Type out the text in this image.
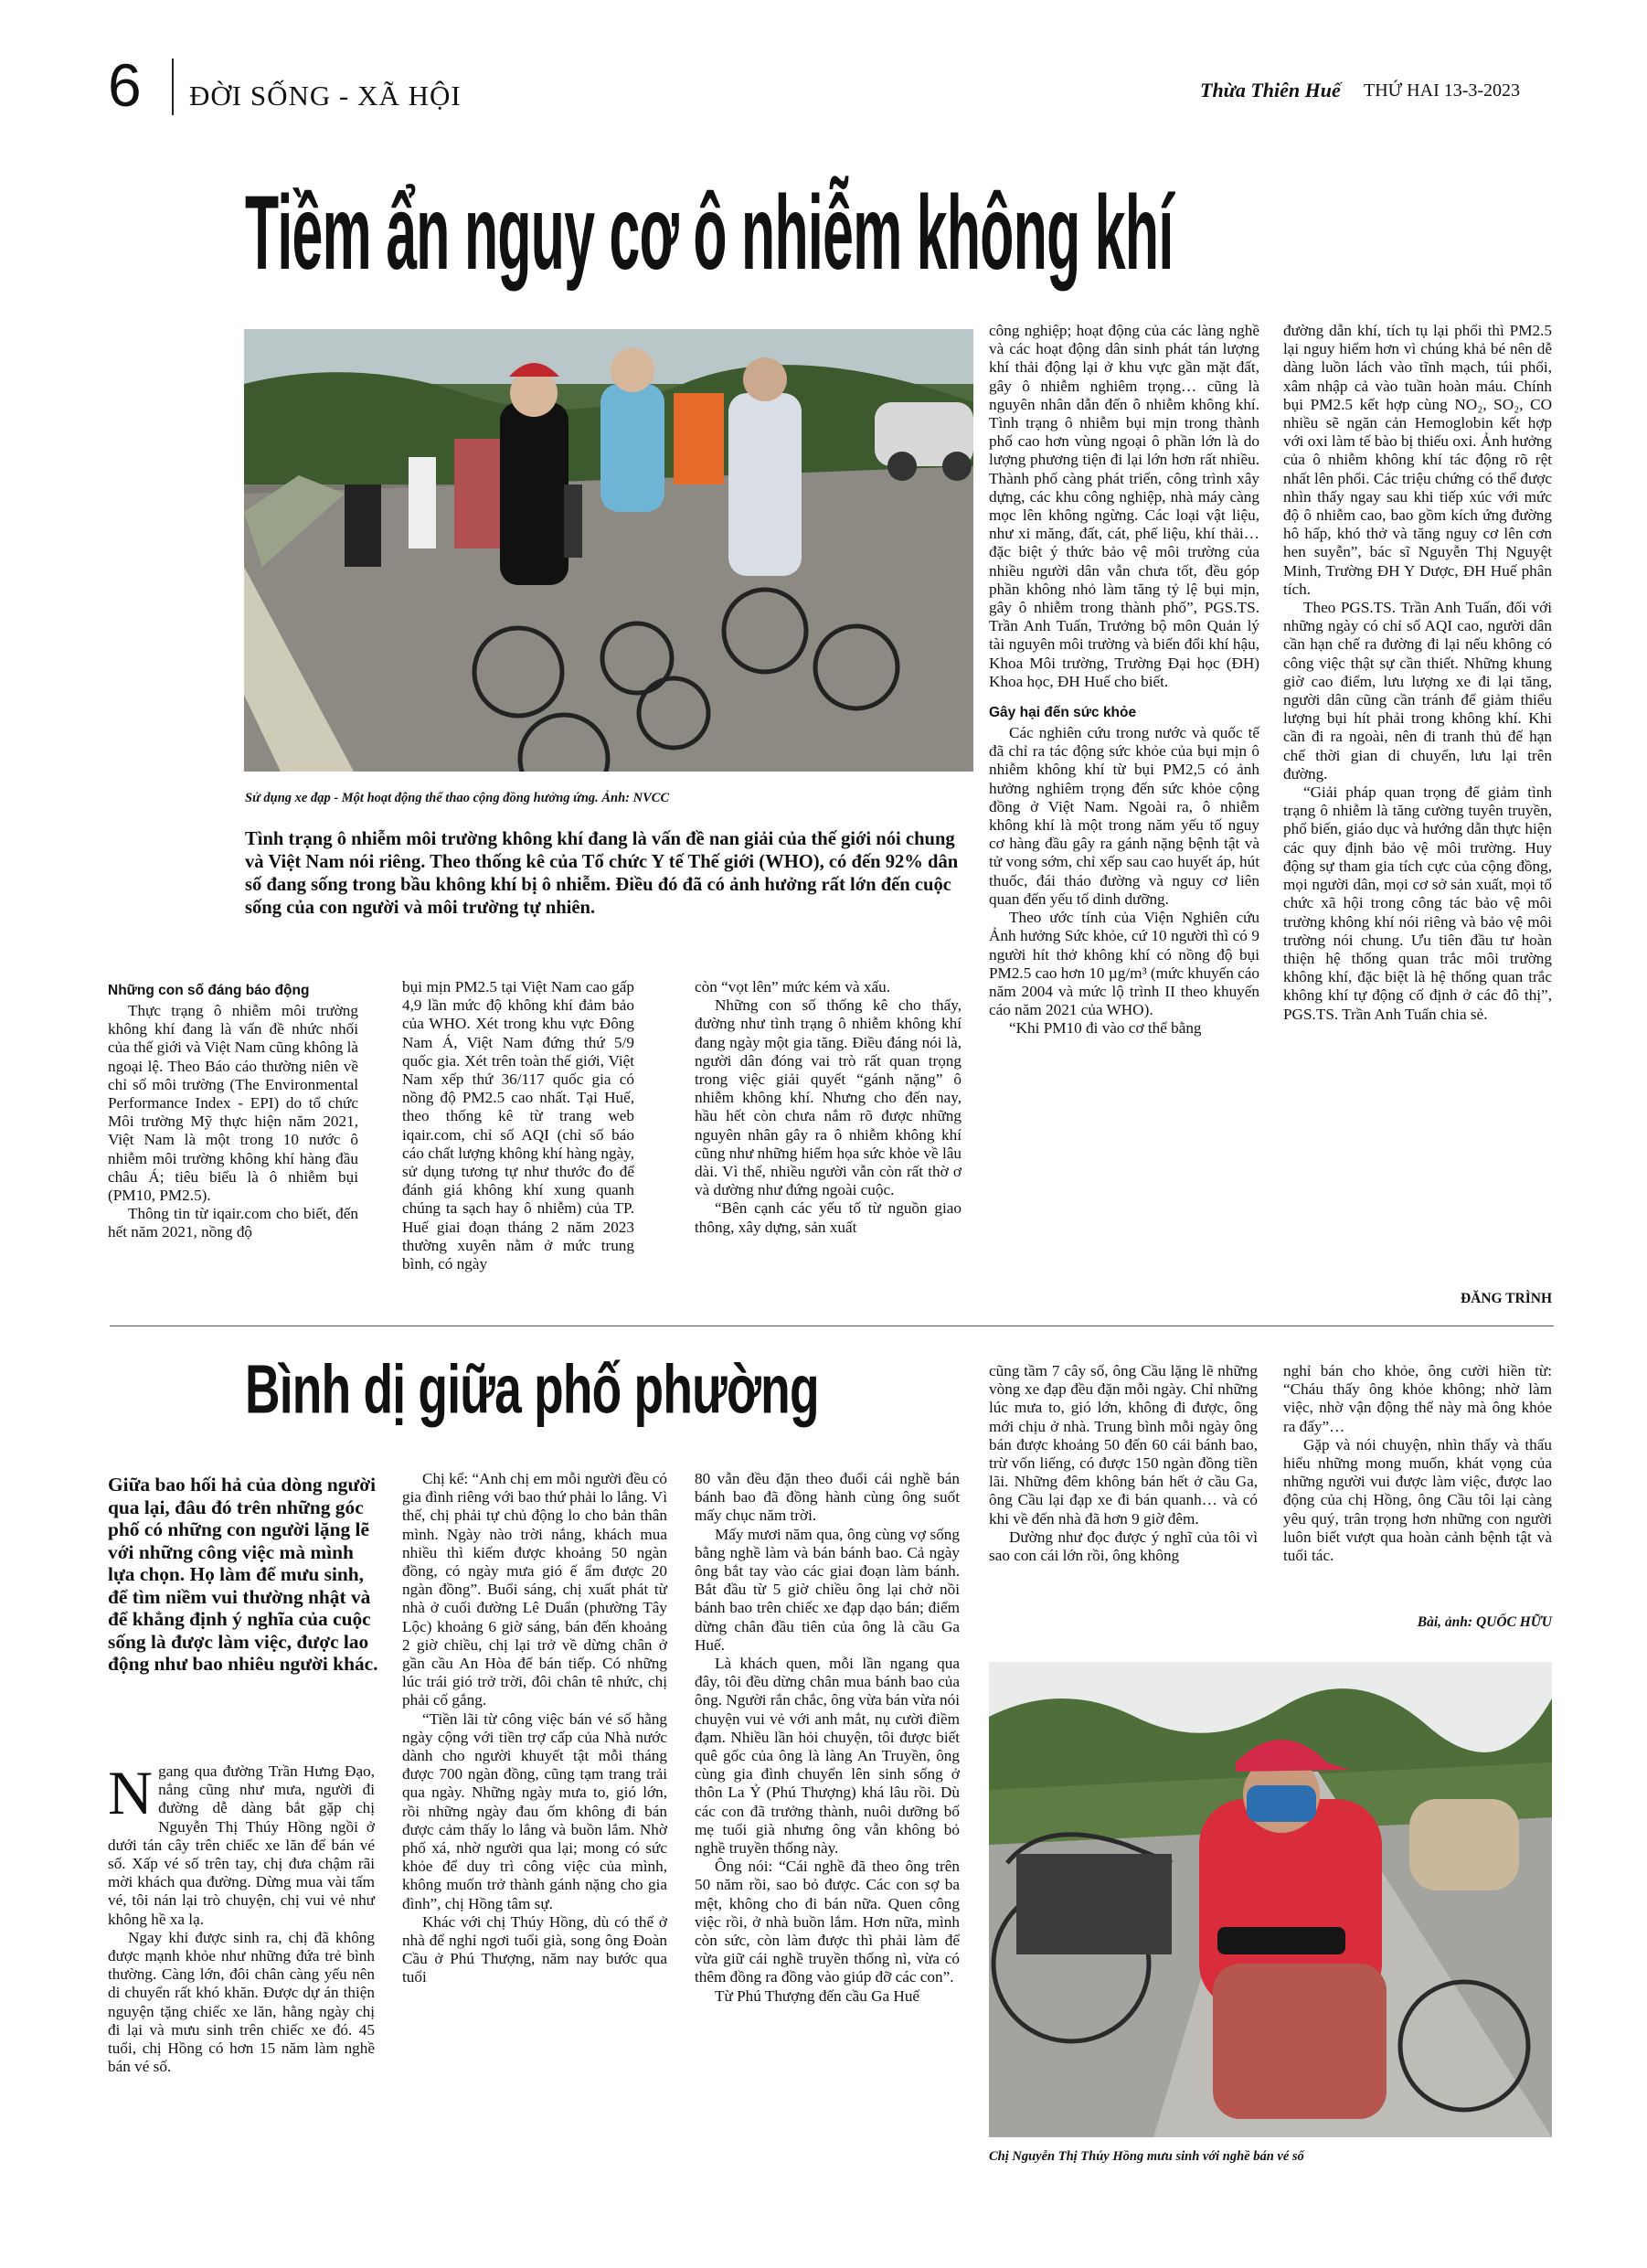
6 ĐỜI SỐNG - XÃ HỘI	Thừa Thiên Huế THỨ HAI 13-3-2023
Tiềm ẩn nguy cơ ô nhiễm không khí
Sử dụng xe đạp - Một hoạt động thể thao cộng đồng hưởng ứng. Ảnh: NVCC
Tình trạng ô nhiễm môi trường không khí đang là vấn đề nan giải của thế giới nói chung và Việt Nam nói riêng. Theo thống kê của Tổ chức Y tế Thế giới (WHO), có đến 92% dân số đang sống trong bầu không khí bị ô nhiễm. Điều đó đã có ảnh hưởng rất lớn đến cuộc sống của con người và môi trường tự nhiên.
Những con số đáng báo động

Thực trạng ô nhiễm môi trường không khí đang là vấn đề nhức nhối của thế giới và Việt Nam cũng không là ngoại lệ. Theo Báo cáo thường niên về chỉ số môi trường (The Environmental Performance Index - EPI) do tổ chức Môi trường Mỹ thực hiện năm 2021, Việt Nam là một trong 10 nước ô nhiễm môi trường không khí hàng đầu châu Á; tiêu biểu là ô nhiễm bụi (PM10, PM2.5).

Thông tin từ iqair.com cho biết, đến hết năm 2021, nồng độ

bụi mịn PM2.5 tại Việt Nam cao gấp 4,9 lần mức độ không khí đảm bảo của WHO. Xét trong khu vực Đông Nam Á, Việt Nam đứng thứ 5/9 quốc gia. Xét trên toàn thế giới, Việt Nam xếp thứ 36/117 quốc gia có nồng độ PM2.5 cao nhất. Tại Huế, theo thống kê từ trang web iqair.com, chỉ số AQI (chỉ số báo cáo chất lượng không khí hàng ngày, sử dụng tương tự như thước đo để đánh giá không khí xung quanh chúng ta sạch hay ô nhiễm) của TP. Huế giai đoạn tháng 2 năm 2023 thường xuyên nằm ở mức trung bình, có ngày

còn “vọt lên” mức kém và xấu.

Những con số thống kê cho thấy, đường như tình trạng ô nhiễm không khí đang ngày một gia tăng. Điều đáng nói là, người dân đóng vai trò rất quan trọng trong việc giải quyết “gánh nặng” ô nhiễm không khí. Nhưng cho đến nay, hầu hết còn chưa nắm rõ được những nguyên nhân gây ra ô nhiễm không khí cũng như những hiểm họa sức khỏe về lâu dài. Vì thế, nhiều người vẫn còn rất thờ ơ và dường như đứng ngoài cuộc.

“Bên cạnh các yếu tố từ nguồn giao thông, xây dựng, sản xuất

công nghiệp; hoạt động của các làng nghề và các hoạt động dân sinh phát tán lượng khí thải động lại ở khu vực gần mặt đất, gây ô nhiễm nghiêm trọng… cũng là nguyên nhân dẫn đến ô nhiễm không khí. Tình trạng ô nhiễm bụi mịn trong thành phố cao hơn vùng ngoại ô phần lớn là do lượng phương tiện đi lại lớn hơn rất nhiều. Thành phố càng phát triển, công trình xây dựng, các khu công nghiệp, nhà máy càng mọc lên không ngừng. Các loại vật liệu, như xi măng, đất, cát, phế liệu, khí thải… đặc biệt ý thức bảo vệ môi trường của nhiều người dân vẫn chưa tốt, đều góp phần không nhỏ làm tăng tỷ lệ bụi mịn, gây ô nhiễm trong thành phố”, PGS.TS. Trần Anh Tuấn, Trưởng bộ môn Quản lý tài nguyên môi trường và biến đổi khí hậu, Khoa Môi trường, Trường Đại học (ĐH) Khoa học, ĐH Huế cho biết.

Gây hại đến sức khỏe

Các nghiên cứu trong nước và quốc tế đã chỉ ra tác động sức khỏe của bụi mịn ô nhiễm không khí từ bụi PM2,5 có ảnh hưởng nghiêm trọng đến sức khỏe cộng đồng ở Việt Nam. Ngoài ra, ô nhiễm không khí là một trong năm yếu tố nguy cơ hàng đầu gây ra gánh nặng bệnh tật và tử vong sớm, chỉ xếp sau cao huyết áp, hút thuốc, đái tháo đường và nguy cơ liên quan đến yếu tố dinh dưỡng.

Theo ước tính của Viện Nghiên cứu Ảnh hưởng Sức khỏe, cứ 10 người thì có 9 người hít thở không khí có nồng độ bụi PM2.5 cao hơn 10 µg/m³ (mức khuyến cáo năm 2004 và mức lộ trình II theo khuyến cáo năm 2021 của WHO).

“Khi PM10 đi vào cơ thể bằng

đường dẫn khí, tích tụ lại phổi thì PM2.5 lại nguy hiểm hơn vì chúng khả bé nên dễ dàng luồn lách vào tĩnh mạch, túi phổi, xâm nhập cả vào tuần hoàn máu. Chính bụi PM2.5 kết hợp cùng NO₂, SO₂, CO nhiều sẽ ngăn cản Hemoglobin kết hợp với oxi làm tế bào bị thiếu oxi. Ảnh hưởng của ô nhiễm không khí tác động rõ rệt nhất lên phổi. Các triệu chứng có thể được nhìn thấy ngay sau khi tiếp xúc với mức độ ô nhiễm cao, bao gồm kích ứng đường hô hấp, khó thở và tăng nguy cơ lên cơn hen suyễn”, bác sĩ Nguyễn Thị Nguyệt Minh, Trường ĐH Y Dược, ĐH Huế phân tích.

Theo PGS.TS. Trần Anh Tuấn, đối với những ngày có chỉ số AQI cao, người dân cần hạn chế ra đường đi lại nếu không có công việc thật sự cần thiết. Những khung giờ cao điểm, lưu lượng xe đi lại tăng, người dân cũng cần tránh để giảm thiểu lượng bụi hít phải trong không khí. Khi cần đi ra ngoài, nên đi tranh thủ để hạn chế thời gian di chuyển, lưu lại trên đường.

“Giải pháp quan trọng để giảm tình trạng ô nhiễm là tăng cường tuyên truyền, phổ biến, giáo dục và hướng dẫn thực hiện các quy định bảo vệ môi trường. Huy động sự tham gia tích cực của cộng đồng, mọi người dân, mọi cơ sở sản xuất, mọi tổ chức xã hội trong công tác bảo vệ môi trường không khí nói riêng và bảo vệ môi trường nói chung. Ưu tiên đầu tư hoàn thiện hệ thống quan trắc môi trường không khí, đặc biệt là hệ thống quan trắc không khí tự động cố định ở các đô thị”, PGS.TS. Trần Anh Tuấn chia sẻ.

ĐĂNG TRÌNH
Bình dị giữa phố phường
Giữa bao hối hả của dòng người qua lại, đâu đó trên những góc phố có những con người lặng lẽ với những công việc mà mình lựa chọn. Họ làm để mưu sinh, để tìm niềm vui thường nhật và để khẳng định ý nghĩa của cuộc sống là được làm việc, được lao động như bao nhiêu người khác.

Ngang qua đường Trần Hưng Đạo, nắng cũng như mưa, người đi đường dễ dàng bắt gặp chị Nguyễn Thị Thúy Hồng ngồi ở dưới tán cây trên chiếc xe lăn để bán vé số. Xấp vé số trên tay, chị đưa chậm rãi mời khách qua đường. Dừng mua vài tấm vé, tôi nán lại trò chuyện, chị vui vẻ như không hề xa lạ.

Ngay khi được sinh ra, chị đã không được mạnh khỏe như những đứa trẻ bình thường. Càng lớn, đôi chân càng yếu nên di chuyển rất khó khăn. Được dự án thiện nguyện tặng chiếc xe lăn, hằng ngày chị đi lại và mưu sinh trên chiếc xe đó. 45 tuổi, chị Hồng có hơn 15 năm làm nghề bán vé số.

Chị kể: “Anh chị em mỗi người đều có gia đình riêng với bao thứ phải lo lắng. Vì thế, chị phải tự chủ động lo cho bản thân mình. Ngày nào trời nắng, khách mua nhiều thì kiếm được khoảng 50 ngàn đồng, có ngày mưa gió ế ẩm được 20 ngàn đồng”. Buổi sáng, chị xuất phát từ nhà ở cuối đường Lê Duẩn (phường Tây Lộc) khoảng 6 giờ sáng, bán đến khoảng 2 giờ chiều, chị lại trở về dừng chân ở gần cầu An Hòa để bán tiếp. Có những lúc trái gió trở trời, đôi chân tê nhức, chị phải cố gắng.

“Tiền lãi từ công việc bán vé số hằng ngày cộng với tiền trợ cấp của Nhà nước dành cho người khuyết tật mỗi tháng được 700 ngàn đồng, cũng tạm trang trải qua ngày. Những ngày mưa to, gió lớn, rồi những ngày đau ốm không đi bán được cảm thấy lo lắng và buồn lắm. Nhờ phố xá, nhờ người qua lại; mong có sức khỏe để duy trì công việc của mình, không muốn trở thành gánh nặng cho gia đình”, chị Hồng tâm sự.

Khác với chị Thúy Hồng, dù có thể ở nhà để nghỉ ngơi tuổi già, song ông Đoàn Cầu ở Phú Thượng, năm nay bước qua tuổi

80 vẫn đều đặn theo đuổi cái nghề bán bánh bao đã đồng hành cùng ông suốt mấy chục năm trời.

Mấy mươi năm qua, ông cùng vợ sống bằng nghề làm và bán bánh bao. Cả ngày ông bắt tay vào các giai đoạn làm bánh. Bắt đầu từ 5 giờ chiều ông lại chở nồi bánh bao trên chiếc xe đạp dạo bán; điểm dừng chân đầu tiên của ông là cầu Ga Huế.

Là khách quen, mỗi lần ngang qua đây, tôi đều dừng chân mua bánh bao của ông. Người rắn chắc, ông vừa bán vừa nói chuyện vui vẻ với anh mắt, nụ cười điềm đạm. Nhiều lần hỏi chuyện, tôi được biết quê gốc của ông là làng An Truyền, ông cùng gia đình chuyển lên sinh sống ở thôn La Ỷ (Phú Thượng) khá lâu rồi. Dù các con đã trưởng thành, nuôi dưỡng bố mẹ tuổi già nhưng ông vẫn không bỏ nghề truyền thống này.

Ông nói: “Cái nghề đã theo ông trên 50 năm rồi, sao bỏ được. Các con sợ ba mệt, không cho đi bán nữa. Quen công việc rồi, ở nhà buồn lắm. Hơn nữa, mình còn sức, còn làm được thì phải làm để vừa giữ cái nghề truyền thống nì, vừa có thêm đồng ra đồng vào giúp đỡ các con”.

Từ Phú Thượng đến cầu Ga Huế

cũng tầm 7 cây số, ông Cầu lặng lẽ những vòng xe đạp đều đặn mỗi ngày. Chỉ những lúc mưa to, gió lớn, không đi được, ông mới chịu ở nhà. Trung bình mỗi ngày ông bán được khoảng 50 đến 60 cái bánh bao, trừ vốn liếng, có được 150 ngàn đồng tiền lãi. Những đêm không bán hết ở cầu Ga, ông Cầu lại đạp xe đi bán quanh… và có khi về đến nhà đã hơn 9 giờ đêm.

Dường như đọc được ý nghĩ của tôi vì sao con cái lớn rồi, ông không

nghỉ bán cho khỏe, ông cười hiền từ: “Cháu thấy ông khỏe không; nhờ làm việc, nhờ vận động thể này mà ông khỏe ra đấy”…

Gặp và nói chuyện, nhìn thấy và thấu hiểu những mong muốn, khát vọng của những người vui được làm việc, được lao động của chị Hồng, ông Cầu tôi lại càng yêu quý, trân trọng hơn những con người luôn biết vượt qua hoàn cảnh bệnh tật và tuổi tác.

Bài, ảnh: QUỐC HỮU
Chị Nguyễn Thị Thúy Hồng mưu sinh với nghề bán vé số
